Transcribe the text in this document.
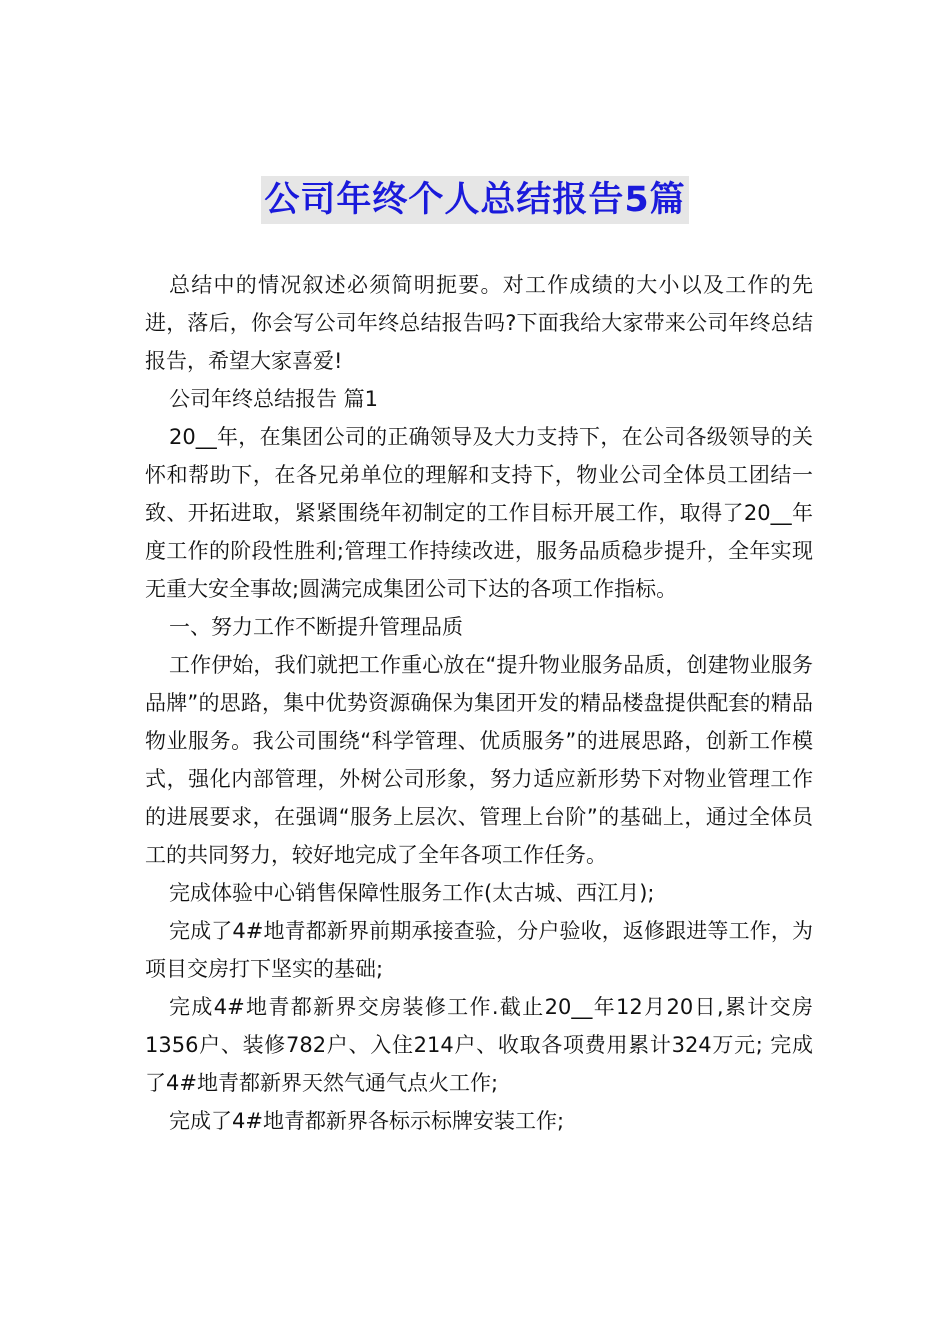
公司年终个人总结报告5篇

总结中的情况叙述必须简明扼要。对工作成绩的大小以及工作的先进，落后，你会写公司年终总结报告吗?下面我给大家带来公司年终总结报告，希望大家喜爱!

公司年终总结报告 篇1

20__年，在集团公司的正确领导及大力支持下，在公司各级领导的关怀和帮助下，在各兄弟单位的理解和支持下，物业公司全体员工团结一致、开拓进取，紧紧围绕年初制定的工作目标开展工作，取得了20__年度工作的阶段性胜利;管理工作持续改进，服务品质稳步提升，全年实现无重大安全事故;圆满完成集团公司下达的各项工作指标。

一、努力工作不断提升管理品质

工作伊始，我们就把工作重心放在“提升物业服务品质，创建物业服务品牌”的思路，集中优势资源确保为集团开发的精品楼盘提供配套的精品物业服务。我公司围绕“科学管理、优质服务”的进展思路，创新工作模式，强化内部管理，外树公司形象，努力适应新形势下对物业管理工作的进展要求，在强调“服务上层次、管理上台阶”的基础上，通过全体员工的共同努力，较好地完成了全年各项工作任务。

完成体验中心销售保障性服务工作(太古城、西江月);

完成了4#地青都新界前期承接查验，分户验收，返修跟进等工作，为项目交房打下坚实的基础;

完成4#地青都新界交房装修工作.截止20__年12月20日,累计交房1356户、装修782户、入住214户、收取各项费用累计324万元; 完成了4#地青都新界天然气通气点火工作;

完成了4#地青都新界各标示标牌安装工作;
